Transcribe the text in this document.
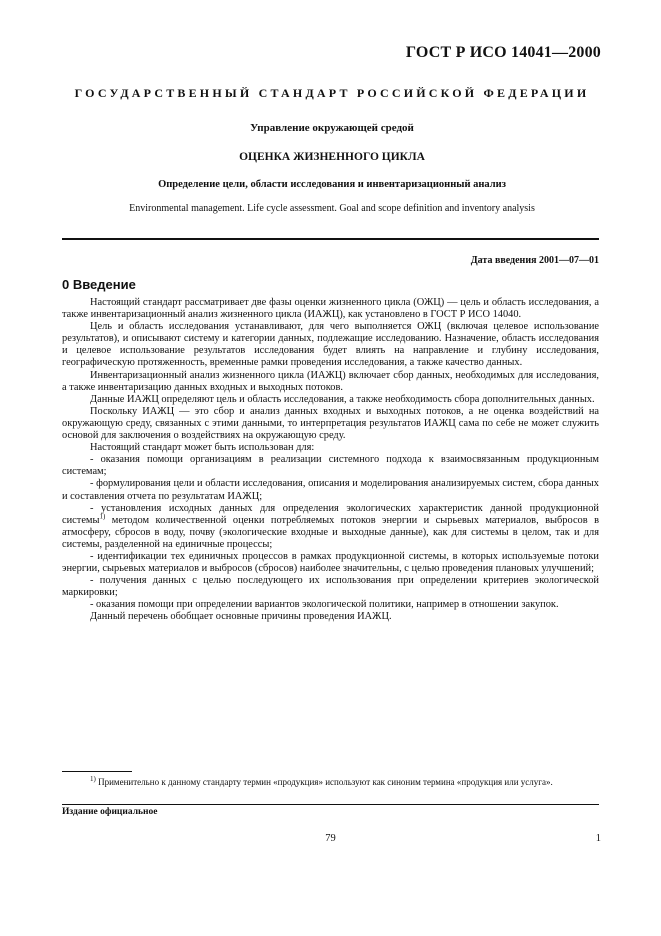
ГОСТ Р ИСО 14041—2000
ГОСУДАРСТВЕННЫЙ СТАНДАРТ РОССИЙСКОЙ ФЕДЕРАЦИИ
Управление окружающей средой
ОЦЕНКА ЖИЗНЕННОГО ЦИКЛА
Определение цели, области исследования и инвентаризационный анализ
Environmental management. Life cycle assessment. Goal and scope definition and inventory analysis
Дата введения 2001—07—01
0 Введение

Настоящий стандарт рассматривает две фазы оценки жизненного цикла (ОЖЦ) — цель и область исследования, а также инвентаризационный анализ жизненного цикла (ИАЖЦ), как установлено в ГОСТ Р ИСО 14040.

Цель и область исследования устанавливают, для чего выполняется ОЖЦ (включая целевое использование результатов), и описывают систему и категории данных, подлежащие исследованию. Назначение, область исследования и целевое использование результатов исследования будет влиять на направление и глубину исследования, географическую протяженность, временные рамки проведения исследования, а также качество данных.

Инвентаризационный анализ жизненного цикла (ИАЖЦ) включает сбор данных, необходимых для исследования, а также инвентаризацию данных входных и выходных потоков.

Данные ИАЖЦ определяют цель и область исследования, а также необходимость сбора дополнительных данных.

Поскольку ИАЖЦ — это сбор и анализ данных входных и выходных потоков, а не оценка воздействий на окружающую среду, связанных с этими данными, то интерпретация результатов ИАЖЦ сама по себе не может служить основой для заключения о воздействиях на окружающую среду.

Настоящий стандарт может быть использован для:

- оказания помощи организациям в реализации системного подхода к взаимосвязанным продукционным системам;

- формулирования цели и области исследования, описания и моделирования анализируемых систем, сбора данных и составления отчета по результатам ИАЖЦ;

- установления исходных данных для определения экологических характеристик данной продукционной системы$^{1)}$ методом количественной оценки потребляемых потоков энергии и сырьевых материалов, выбросов в атмосферу, сбросов в воду, почву (экологические входные и выходные данные), как для системы в целом, так и для системы, разделенной на единичные процессы;

- идентификации тех единичных процессов в рамках продукционной системы, в которых используемые потоки энергии, сырьевых материалов и выбросов (сбросов) наиболее значительны, с целью проведения плановых улучшений;

- получения данных с целью последующего их использования при определении критериев экологической маркировки;

- оказания помощи при определении вариантов экологической политики, например в отношении закупок.

Данный перечень обобщает основные причины проведения ИАЖЦ.

$^{1)}$ Применительно к данному стандарту термин «продукция» используют как синоним термина «продукция или услуга».
Издание официальное
79	1
